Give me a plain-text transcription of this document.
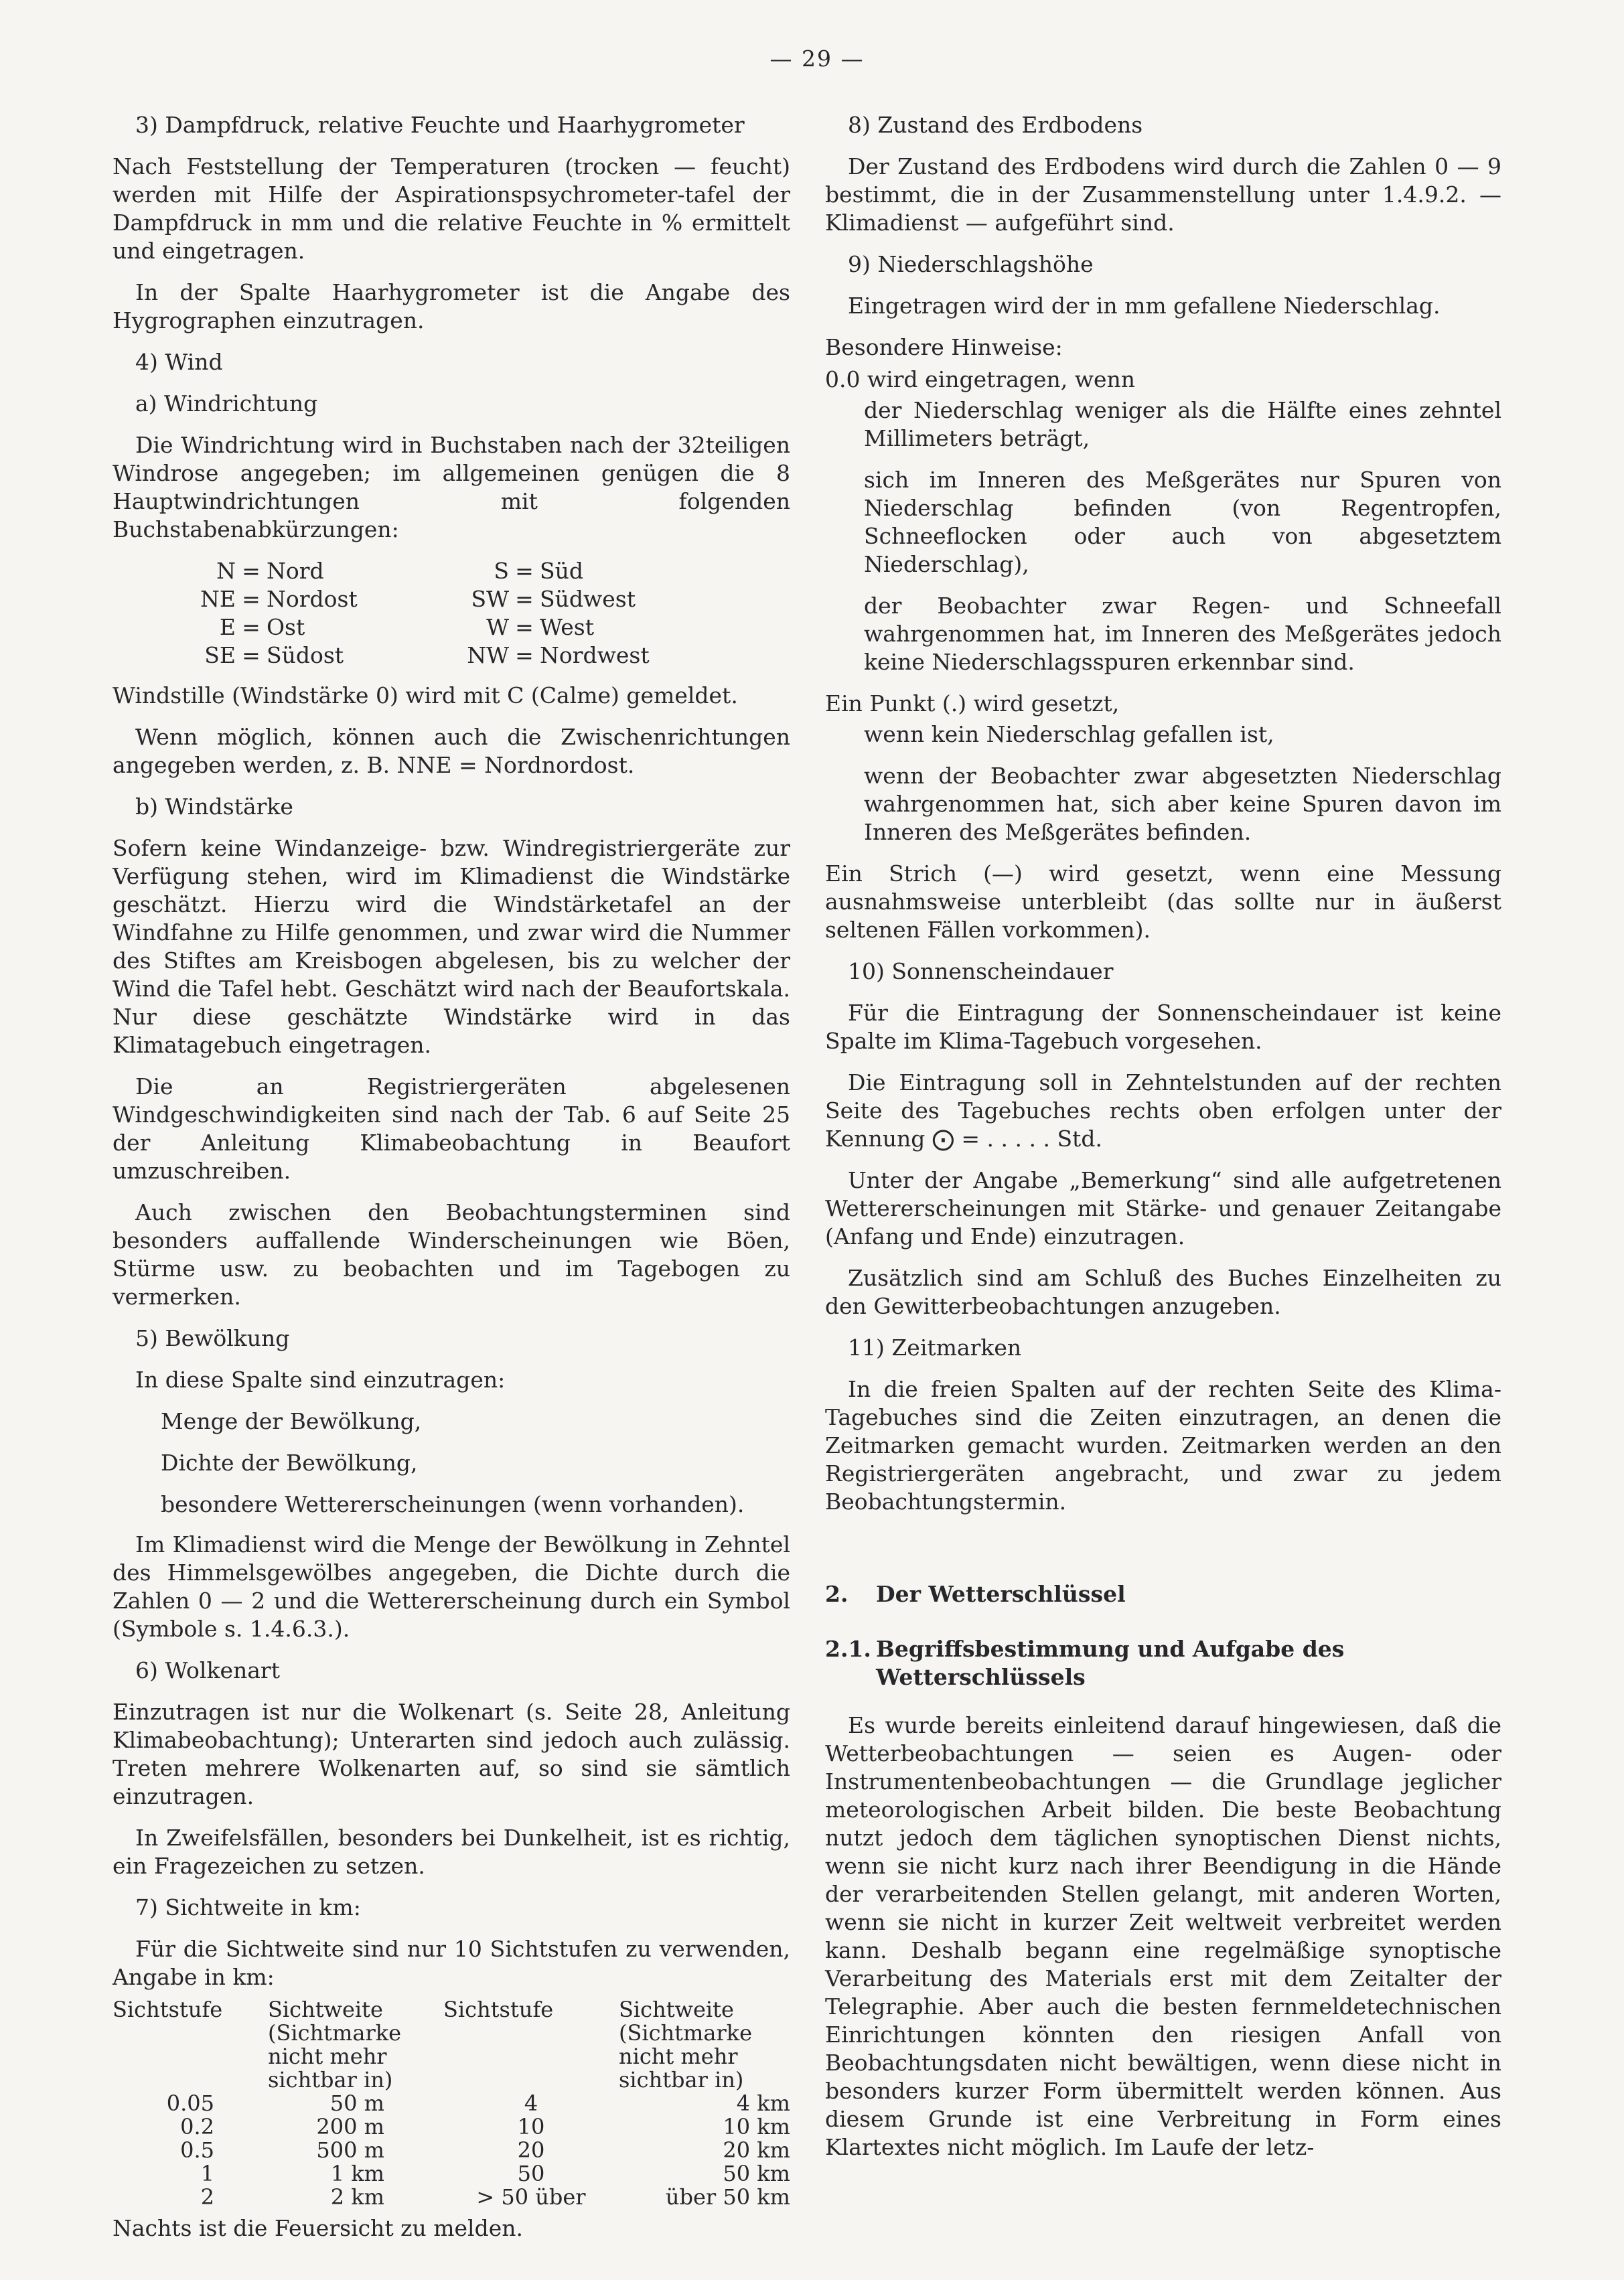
— 29 —

3) Dampfdruck, relative Feuchte und Haarhygrometer

Nach Feststellung der Temperaturen (trocken — feucht) werden mit Hilfe der Aspirationspsychrometer-tafel der Dampfdruck in mm und die relative Feuchte in % ermittelt und eingetragen.

In der Spalte Haarhygrometer ist die Angabe des Hygrographen einzutragen.

4) Wind

a) Windrichtung

Die Windrichtung wird in Buchstaben nach der 32teiligen Windrose angegeben; im allgemeinen genügen die 8 Hauptwindrichtungen mit folgenden Buchstabenabkürzungen:

N = Nord	S = Süd
NE = Nordost	SW = Südwest
E = Ost	W = West
SE = Südost	NW = Nordwest

Windstille (Windstärke 0) wird mit C (Calme) gemeldet.

Wenn möglich, können auch die Zwischenrichtungen angegeben werden, z. B. NNE = Nordnordost.

b) Windstärke

Sofern keine Windanzeige- bzw. Windregistriergeräte zur Verfügung stehen, wird im Klimadienst die Windstärke geschätzt. Hierzu wird die Windstärketafel an der Windfahne zu Hilfe genommen, und zwar wird die Nummer des Stiftes am Kreisbogen abgelesen, bis zu welcher der Wind die Tafel hebt. Geschätzt wird nach der Beaufortskala. Nur diese geschätzte Windstärke wird in das Klimatagebuch eingetragen.

Die an Registriergeräten abgelesenen Windgeschwindigkeiten sind nach der Tab. 6 auf Seite 25 der Anleitung Klimabeobachtung in Beaufort umzuschreiben.

Auch zwischen den Beobachtungsterminen sind besonders auffallende Winderscheinungen wie Böen, Stürme usw. zu beobachten und im Tagebogen zu vermerken.

5) Bewölkung

In diese Spalte sind einzutragen:

Menge der Bewölkung,

Dichte der Bewölkung,

besondere Wettererscheinungen (wenn vorhanden).

Im Klimadienst wird die Menge der Bewölkung in Zehntel des Himmelsgewölbes angegeben, die Dichte durch die Zahlen 0 — 2 und die Wettererscheinung durch ein Symbol (Symbole s. 1.4.6.3.).

6) Wolkenart

Einzutragen ist nur die Wolkenart (s. Seite 28, Anleitung Klimabeobachtung); Unterarten sind jedoch auch zulässig. Treten mehrere Wolkenarten auf, so sind sie sämtlich einzutragen.

In Zweifelsfällen, besonders bei Dunkelheit, ist es richtig, ein Fragezeichen zu setzen.

7) Sichtweite in km:

Für die Sichtweite sind nur 10 Sichtstufen zu verwenden, Angabe in km:

Sichtstufe	Sichtweite (Sichtmarke nicht mehr sichtbar in)	Sichtstufe	Sichtweite (Sichtmarke nicht mehr sichtbar in)
0.05	50 m	4	4 km
0.2	200 m	10	10 km
0.5	500 m	20	20 km
1	1 km	50	50 km
2	2 km	> 50 über	über 50 km

Nachts ist die Feuersicht zu melden.

8) Zustand des Erdbodens

Der Zustand des Erdbodens wird durch die Zahlen 0 — 9 bestimmt, die in der Zusammenstellung unter 1.4.9.2. — Klimadienst — aufgeführt sind.

9) Niederschlagshöhe

Eingetragen wird der in mm gefallene Niederschlag.

Besondere Hinweise:

0.0 wird eingetragen, wenn

der Niederschlag weniger als die Hälfte eines zehntel Millimeters beträgt,

sich im Inneren des Meßgerätes nur Spuren von Niederschlag befinden (von Regentropfen, Schneeflocken oder auch von abgesetztem Niederschlag),

der Beobachter zwar Regen- und Schneefall wahrgenommen hat, im Inneren des Meßgerätes jedoch keine Niederschlagsspuren erkennbar sind.

Ein Punkt (.) wird gesetzt,

wenn kein Niederschlag gefallen ist,

wenn der Beobachter zwar abgesetzten Niederschlag wahrgenommen hat, sich aber keine Spuren davon im Inneren des Meßgerätes befinden.

Ein Strich (—) wird gesetzt, wenn eine Messung ausnahmsweise unterbleibt (das sollte nur in äußerst seltenen Fällen vorkommen).

10) Sonnenscheindauer

Für die Eintragung der Sonnenscheindauer ist keine Spalte im Klima-Tagebuch vorgesehen.

Die Eintragung soll in Zehntelstunden auf der rechten Seite des Tagebuches rechts oben erfolgen unter der Kennung ⨀ = . . . . . Std.

Unter der Angabe „Bemerkung“ sind alle aufgetretenen Wettererscheinungen mit Stärke- und genauer Zeitangabe (Anfang und Ende) einzutragen.

Zusätzlich sind am Schluß des Buches Einzelheiten zu den Gewitterbeobachtungen anzugeben.

11) Zeitmarken

In die freien Spalten auf der rechten Seite des Klima-Tagebuches sind die Zeiten einzutragen, an denen die Zeitmarken gemacht wurden. Zeitmarken werden an den Registriergeräten angebracht, und zwar zu jedem Beobachtungstermin.

2.	Der Wetterschlüssel
2.1. Begriffsbestimmung und Aufgabe des Wetterschlüssels

Es wurde bereits einleitend darauf hingewiesen, daß die Wetterbeobachtungen — seien es Augen- oder Instrumentenbeobachtungen — die Grundlage jeglicher meteorologischen Arbeit bilden. Die beste Beobachtung nutzt jedoch dem täglichen synoptischen Dienst nichts, wenn sie nicht kurz nach ihrer Beendigung in die Hände der verarbeitenden Stellen gelangt, mit anderen Worten, wenn sie nicht in kurzer Zeit weltweit verbreitet werden kann. Deshalb begann eine regelmäßige synoptische Verarbeitung des Materials erst mit dem Zeitalter der Telegraphie. Aber auch die besten fernmeldetechnischen Einrichtungen könnten den riesigen Anfall von Beobachtungsdaten nicht bewältigen, wenn diese nicht in besonders kurzer Form übermittelt werden können. Aus diesem Grunde ist eine Verbreitung in Form eines Klartextes nicht möglich. Im Laufe der letz-
